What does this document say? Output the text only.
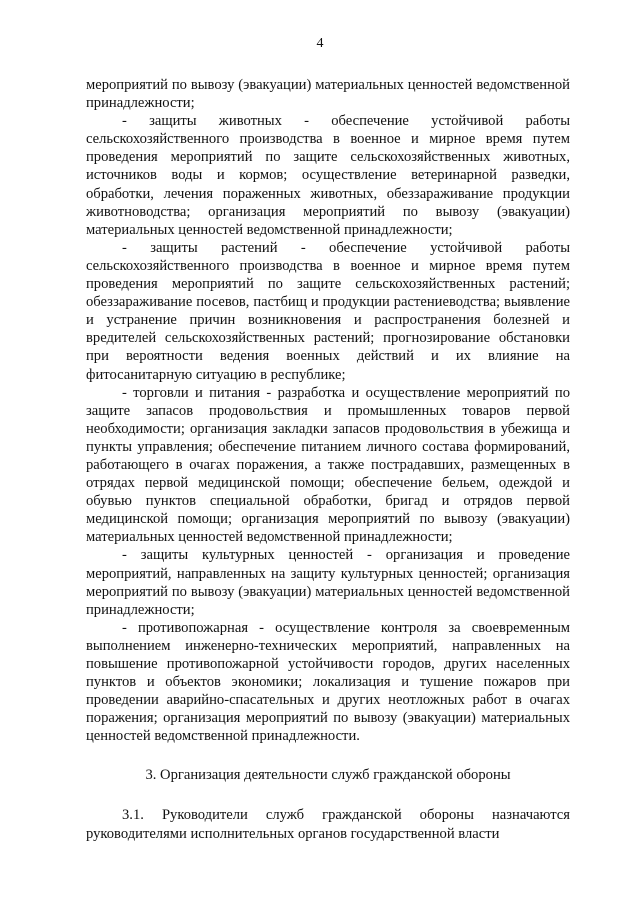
4

мероприятий по вывозу (эвакуации) материальных ценностей ведомственной принадлежности;

- защиты животных - обеспечение устойчивой работы сельскохозяйственного производства в военное и мирное время путем проведения мероприятий по защите сельскохозяйственных животных, источников воды и кормов; осуществление ветеринарной разведки, обработки, лечения пораженных животных, обеззараживание продукции животноводства; организация мероприятий по вывозу (эвакуации) материальных ценностей ведомственной принадлежности;

- защиты растений - обеспечение устойчивой работы сельскохозяйственного производства в военное и мирное время путем проведения мероприятий по защите сельскохозяйственных растений; обеззараживание посевов, пастбищ и продукции растениеводства; выявление и устранение причин возникновения и распространения болезней и вредителей сельскохозяйственных растений; прогнозирование обстановки при вероятности ведения военных действий и их влияние на фитосанитарную ситуацию в республике;

- торговли и питания - разработка и осуществление мероприятий по защите запасов продовольствия и промышленных товаров первой необходимости; организация закладки запасов продовольствия в убежища и пункты управления; обеспечение питанием личного состава формирований, работающего в очагах поражения, а также пострадавших, размещенных в отрядах первой медицинской помощи; обеспечение бельем, одеждой и обувью пунктов специальной обработки, бригад и отрядов первой медицинской помощи; организация мероприятий по вывозу (эвакуации) материальных ценностей ведомственной принадлежности;

- защиты культурных ценностей - организация и проведение мероприятий, направленных на защиту культурных ценностей; организация мероприятий по вывозу (эвакуации) материальных ценностей ведомственной принадлежности;

- противопожарная - осуществление контроля за своевременным выполнением инженерно-технических мероприятий, направленных на повышение противопожарной устойчивости городов, других населенных пунктов и объектов экономики; локализация и тушение пожаров при проведении аварийно-спасательных и других неотложных работ в очагах поражения; организация мероприятий по вывозу (эвакуации) материальных ценностей ведомственной принадлежности.

3. Организация деятельности служб гражданской обороны

3.1. Руководители служб гражданской обороны назначаются руководителями исполнительных органов государственной власти
